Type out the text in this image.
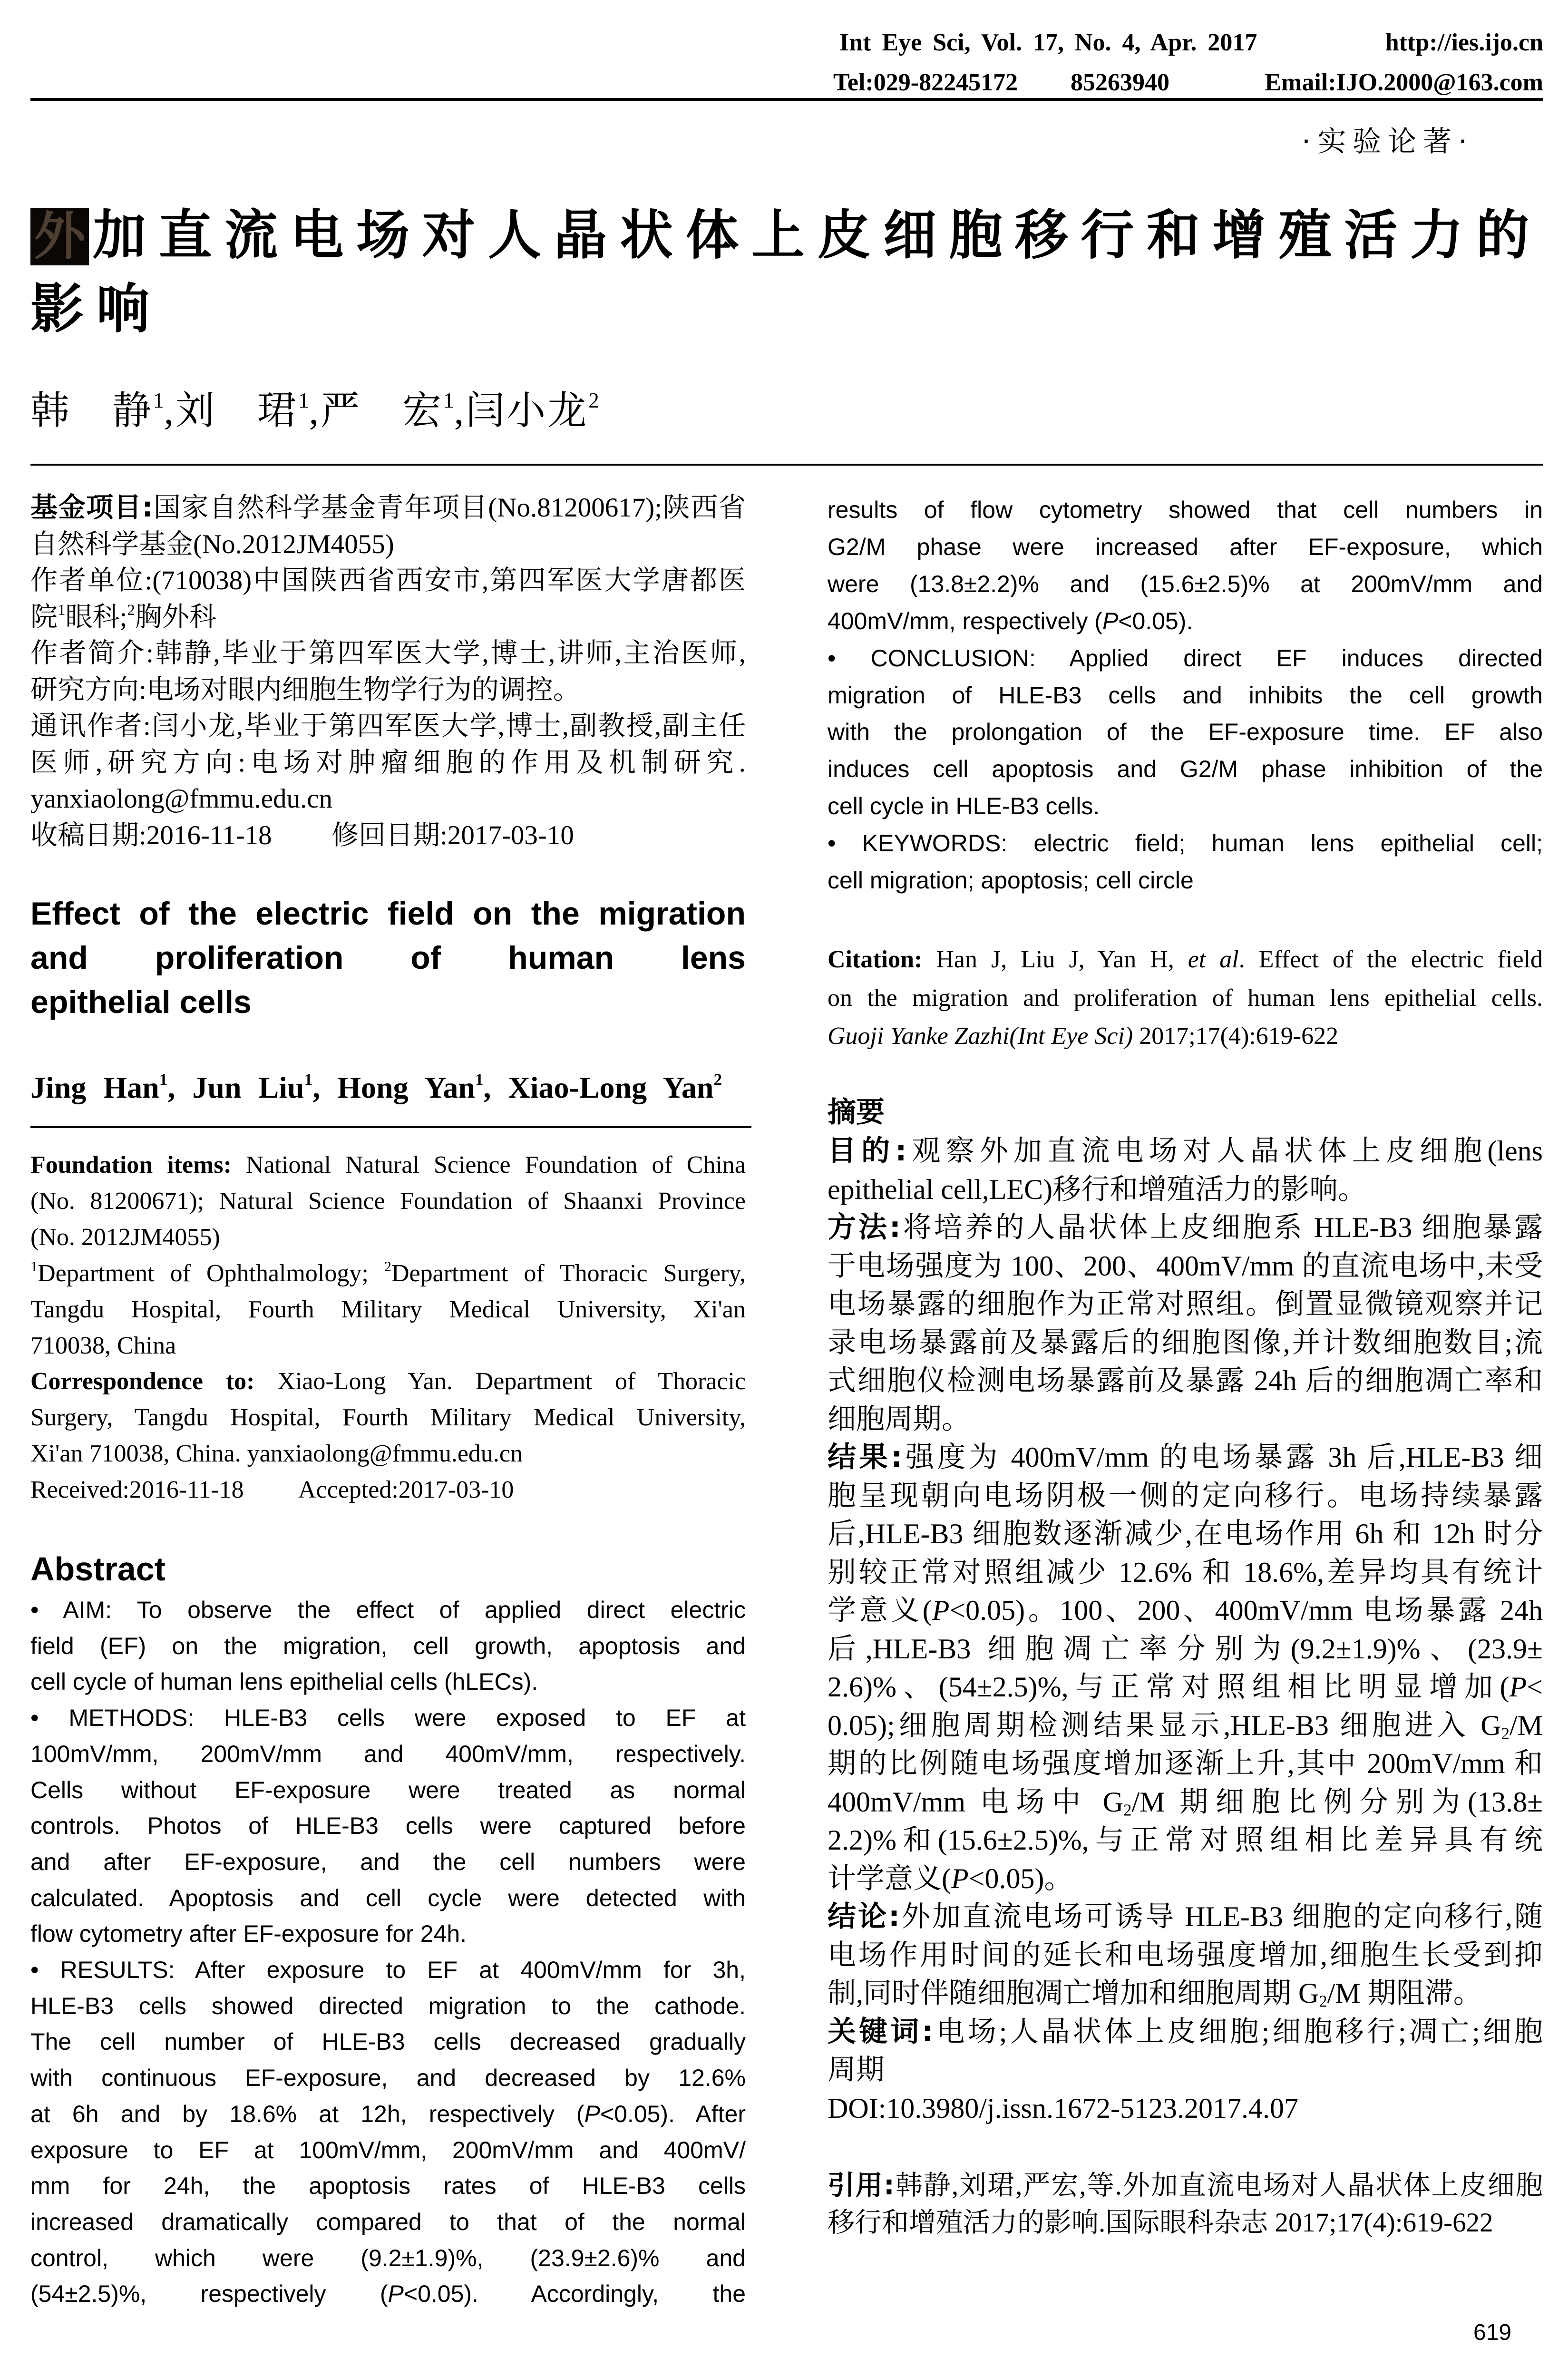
Int Eye Sci, Vol. 17, No. 4, Apr. 2017	http://ies.ijo.cn
Tel:029-82245172 85263940	Email:IJO.2000@163.com
·实验论著·
外 加直流电场对人晶状体上皮细胞移行和增殖活力的
影响
韩　静$^1$,刘　珺$^1$,严　宏$^1$,闫小龙$^2$
基金项目:国家自然科学基金青年项目(No.81200617);陕西省
自然科学基金(No.2012JM4055)
作者单位:(710038)中国陕西省西安市,第四军医大学唐都医
院$^1$眼科;$^2$胸外科
作者简介:韩静,毕业于第四军医大学,博士,讲师,主治医师,
研究方向:电场对眼内细胞生物学行为的调控。
通讯作者:闫小龙,毕业于第四军医大学,博士,副教授,副主任
医师,研究方向:电场对肿瘤细胞的作用及机制研究.
yanxiaolong@fmmu.edu.cn
收稿日期:2016-11-18 修回日期:2017-03-10
Effect of the electric field on the migration
and proliferation of human lens
epithelial cells
Jing Han$^1$, Jun Liu$^1$, Hong Yan$^1$, Xiao-Long Yan$^2$
Foundation items: National Natural Science Foundation of China
(No. 81200671); Natural Science Foundation of Shaanxi Province
(No. 2012JM4055)
$^1$Department of Ophthalmology; $^2$Department of Thoracic Surgery,
Tangdu Hospital, Fourth Military Medical University, Xi'an
710038, China
Correspondence to: Xiao-Long Yan. Department of Thoracic
Surgery, Tangdu Hospital, Fourth Military Medical University,
Xi'an 710038, China. yanxiaolong@fmmu.edu.cn
Received:2016-11-18 Accepted:2017-03-10
Abstract
• AIM: To observe the effect of applied direct electric
field (EF) on the migration, cell growth, apoptosis and
cell cycle of human lens epithelial cells (hLECs).
• METHODS: HLE-B3 cells were exposed to EF at
100mV/mm, 200mV/mm and 400mV/mm, respectively.
Cells without EF-exposure were treated as normal
controls. Photos of HLE-B3 cells were captured before
and after EF-exposure, and the cell numbers were
calculated. Apoptosis and cell cycle were detected with
flow cytometry after EF-exposure for 24h.
• RESULTS: After exposure to EF at 400mV/mm for 3h,
HLE-B3 cells showed directed migration to the cathode.
The cell number of HLE-B3 cells decreased gradually
with continuous EF-exposure, and decreased by 12.6%
at 6h and by 18.6% at 12h, respectively (P<0.05). After
exposure to EF at 100mV/mm, 200mV/mm and 400mV/
mm for 24h, the apoptosis rates of HLE-B3 cells
increased dramatically compared to that of the normal
control, which were (9.2±1.9)%, (23.9±2.6)% and
(54±2.5)%, respectively (P<0.05). Accordingly, the
results of flow cytometry showed that cell numbers in
G2/M phase were increased after EF-exposure, which
were (13.8±2.2)% and (15.6±2.5)% at 200mV/mm and
400mV/mm, respectively (P<0.05).
• CONCLUSION: Applied direct EF induces directed
migration of HLE-B3 cells and inhibits the cell growth
with the prolongation of the EF-exposure time. EF also
induces cell apoptosis and G2/M phase inhibition of the
cell cycle in HLE-B3 cells.
• KEYWORDS: electric field; human lens epithelial cell;
cell migration; apoptosis; cell circle
Citation: Han J, Liu J, Yan H, et al. Effect of the electric field
on the migration and proliferation of human lens epithelial cells.
Guoji Yanke Zazhi(Int Eye Sci) 2017;17(4):619-622
摘要
目的:观察外加直流电场对人晶状体上皮细胞(lens
epithelial cell,LEC)移行和增殖活力的影响。
方法:将培养的人晶状体上皮细胞系 HLE-B3 细胞暴露
于电场强度为 100、200、400mV/mm 的直流电场中,未受
电场暴露的细胞作为正常对照组。倒置显微镜观察并记
录电场暴露前及暴露后的细胞图像,并计数细胞数目;流
式细胞仪检测电场暴露前及暴露 24h 后的细胞凋亡率和
细胞周期。
结果:强度为 400mV/mm 的电场暴露 3h 后,HLE-B3 细
胞呈现朝向电场阴极一侧的定向移行。电场持续暴露
后,HLE-B3 细胞数逐渐减少,在电场作用 6h 和 12h 时分
别较正常对照组减少 12.6% 和 18.6%,差异均具有统计
学意义(P<0.05)。100、200、400mV/mm 电场暴露 24h
后,HLE-B3 细胞凋亡率分别为(9.2±1.9)%、(23.9±
2.6)%、(54±2.5)%,与正常对照组相比明显增加(P<
0.05);细胞周期检测结果显示,HLE-B3 细胞进入 G2/M
期的比例随电场强度增加逐渐上升,其中 200mV/mm 和
400mV/mm 电场中 G2/M 期细胞比例分别为(13.8±
2.2)%和(15.6±2.5)%,与正常对照组相比差异具有统
计学意义(P<0.05)。
结论:外加直流电场可诱导 HLE-B3 细胞的定向移行,随
电场作用时间的延长和电场强度增加,细胞生长受到抑
制,同时伴随细胞凋亡增加和细胞周期 G2/M 期阻滞。
关键词:电场;人晶状体上皮细胞;细胞移行;凋亡;细胞
周期
DOI:10.3980/j.issn.1672-5123.2017.4.07
引用:韩静,刘珺,严宏,等.外加直流电场对人晶状体上皮细胞
移行和增殖活力的影响.国际眼科杂志 2017;17(4):619-622
619
